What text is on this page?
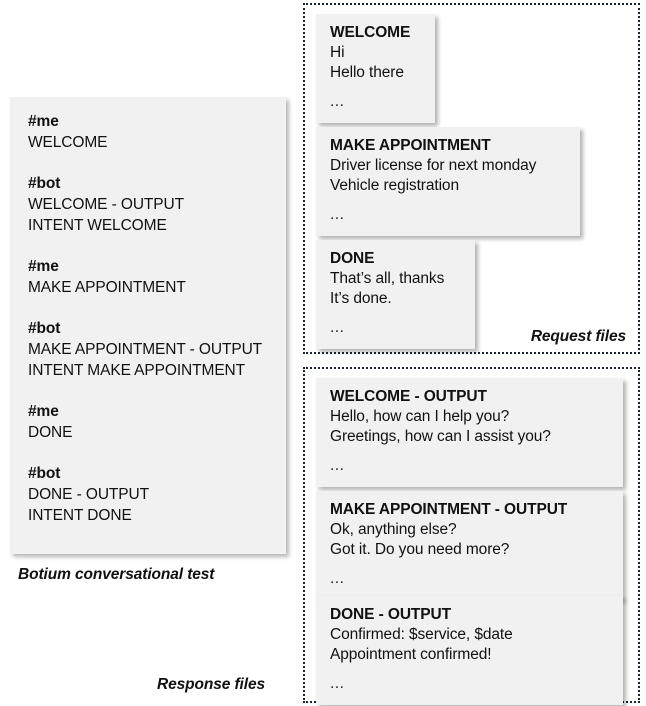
#me
WELCOME
#bot
WELCOME - OUTPUT
INTENT WELCOME
#me
MAKE APPOINTMENT
#bot
MAKE APPOINTMENT - OUTPUT
INTENT MAKE APPOINTMENT
#me
DONE
#bot
DONE - OUTPUT
INTENT DONE
Botium conversational test
Request files
WELCOME
Hi
Hello there
...
MAKE APPOINTMENT
Driver license for next monday
Vehicle registration
...
DONE
That’s all, thanks
It’s done.
...
WELCOME - OUTPUT
Hello, how can I help you?
Greetings, how can I assist you?
...
MAKE APPOINTMENT - OUTPUT
Ok, anything else?
Got it. Do you need more?
...
DONE - OUTPUT
Confirmed: $service, $date
Appointment confirmed!
...
Response files
